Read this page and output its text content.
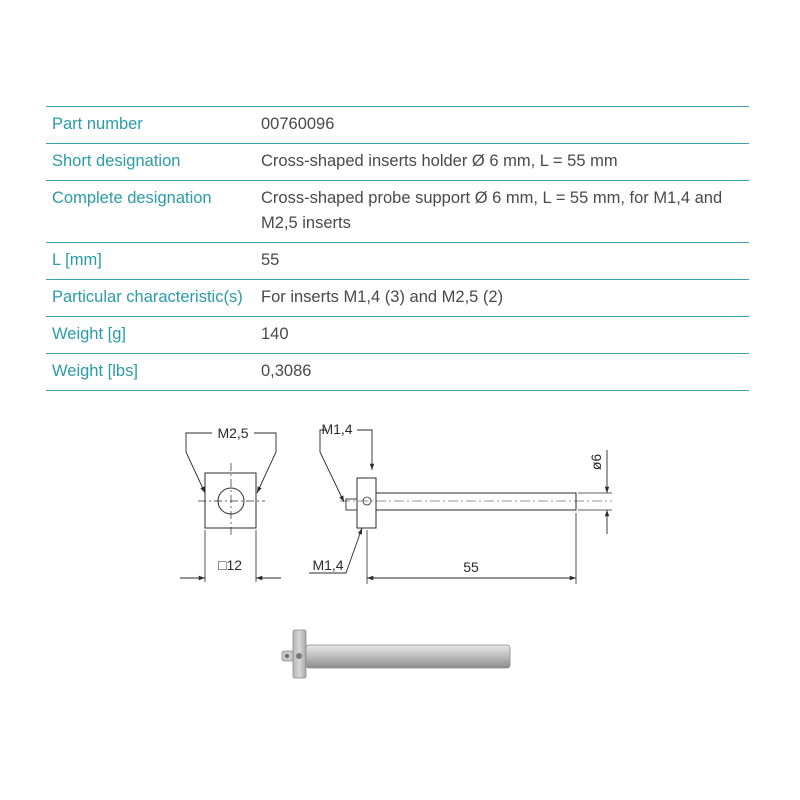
Part number	00760096
Short designation	Cross-shaped inserts holder Ø 6 mm, L = 55 mm
Complete designation	Cross-shaped probe support Ø 6 mm, L = 55 mm, for M1,4 and M2,5 inserts
L [mm]	55
Particular characteristic(s)	For inserts M1,4 (3) and M2,5 (2)
Weight [g]	140
Weight [lbs]	0,3086
M2,5
□12
M1,4
M1,4	55
ø6
